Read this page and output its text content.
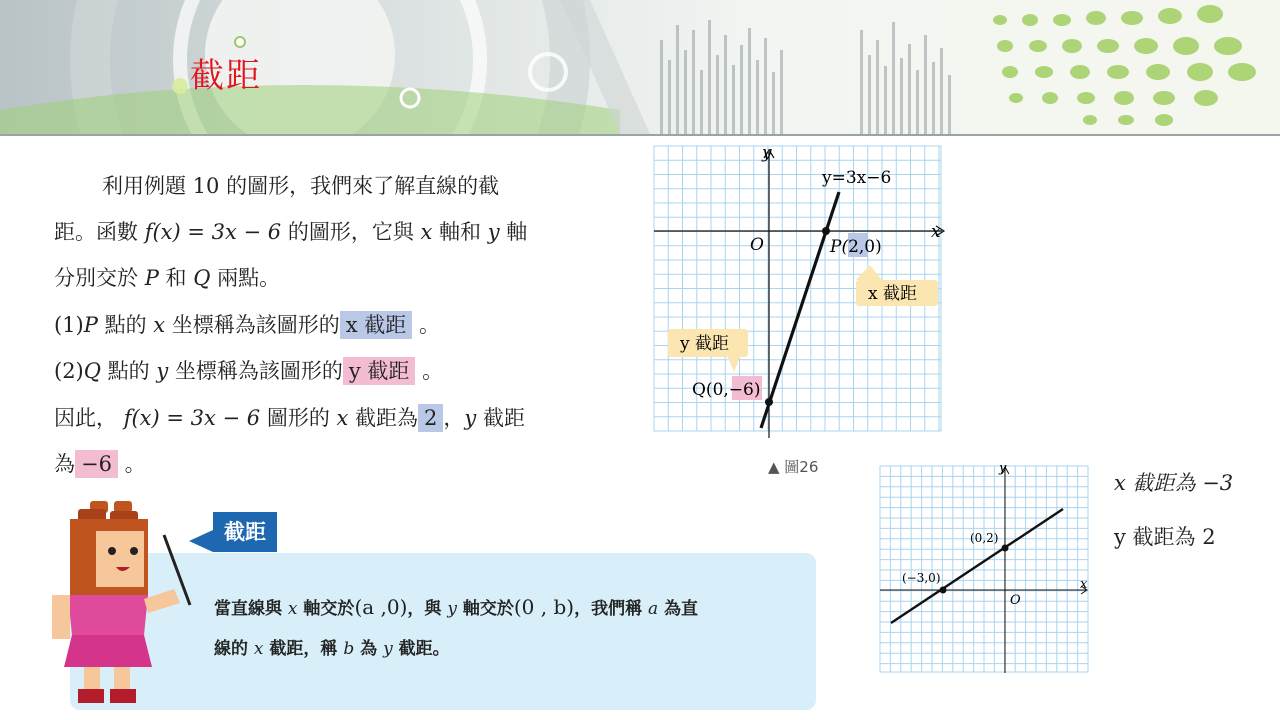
截距
利用例題 10 的圖形，我們來了解直線的截
距。函數 f(x) = 3x − 6 的圖形，它與 x 軸和 y 軸
分別交於 P 和 Q 兩點。
(1)P 點的 x 坐標稱為該圖形的 x 截距 。
(2)Q 點的 y 坐標稱為該圖形的 y 截距 。
因此， f(x) = 3x − 6 圖形的 x 截距為 2 ，y 截距
為 −6 。
x
y
O
y=3x−6
P(2,0)
Q(0,−6)
x 截距
y 截距
▲ 圖26
x
y
O
(0,2)
(−3,0)
x 截距為 −3
y 截距為 2
截距
當直線與 x 軸交於(a ,0)，與 y 軸交於(0 , b)，我們稱 a 為直
線的 x 截距，稱 b 為 y 截距。
